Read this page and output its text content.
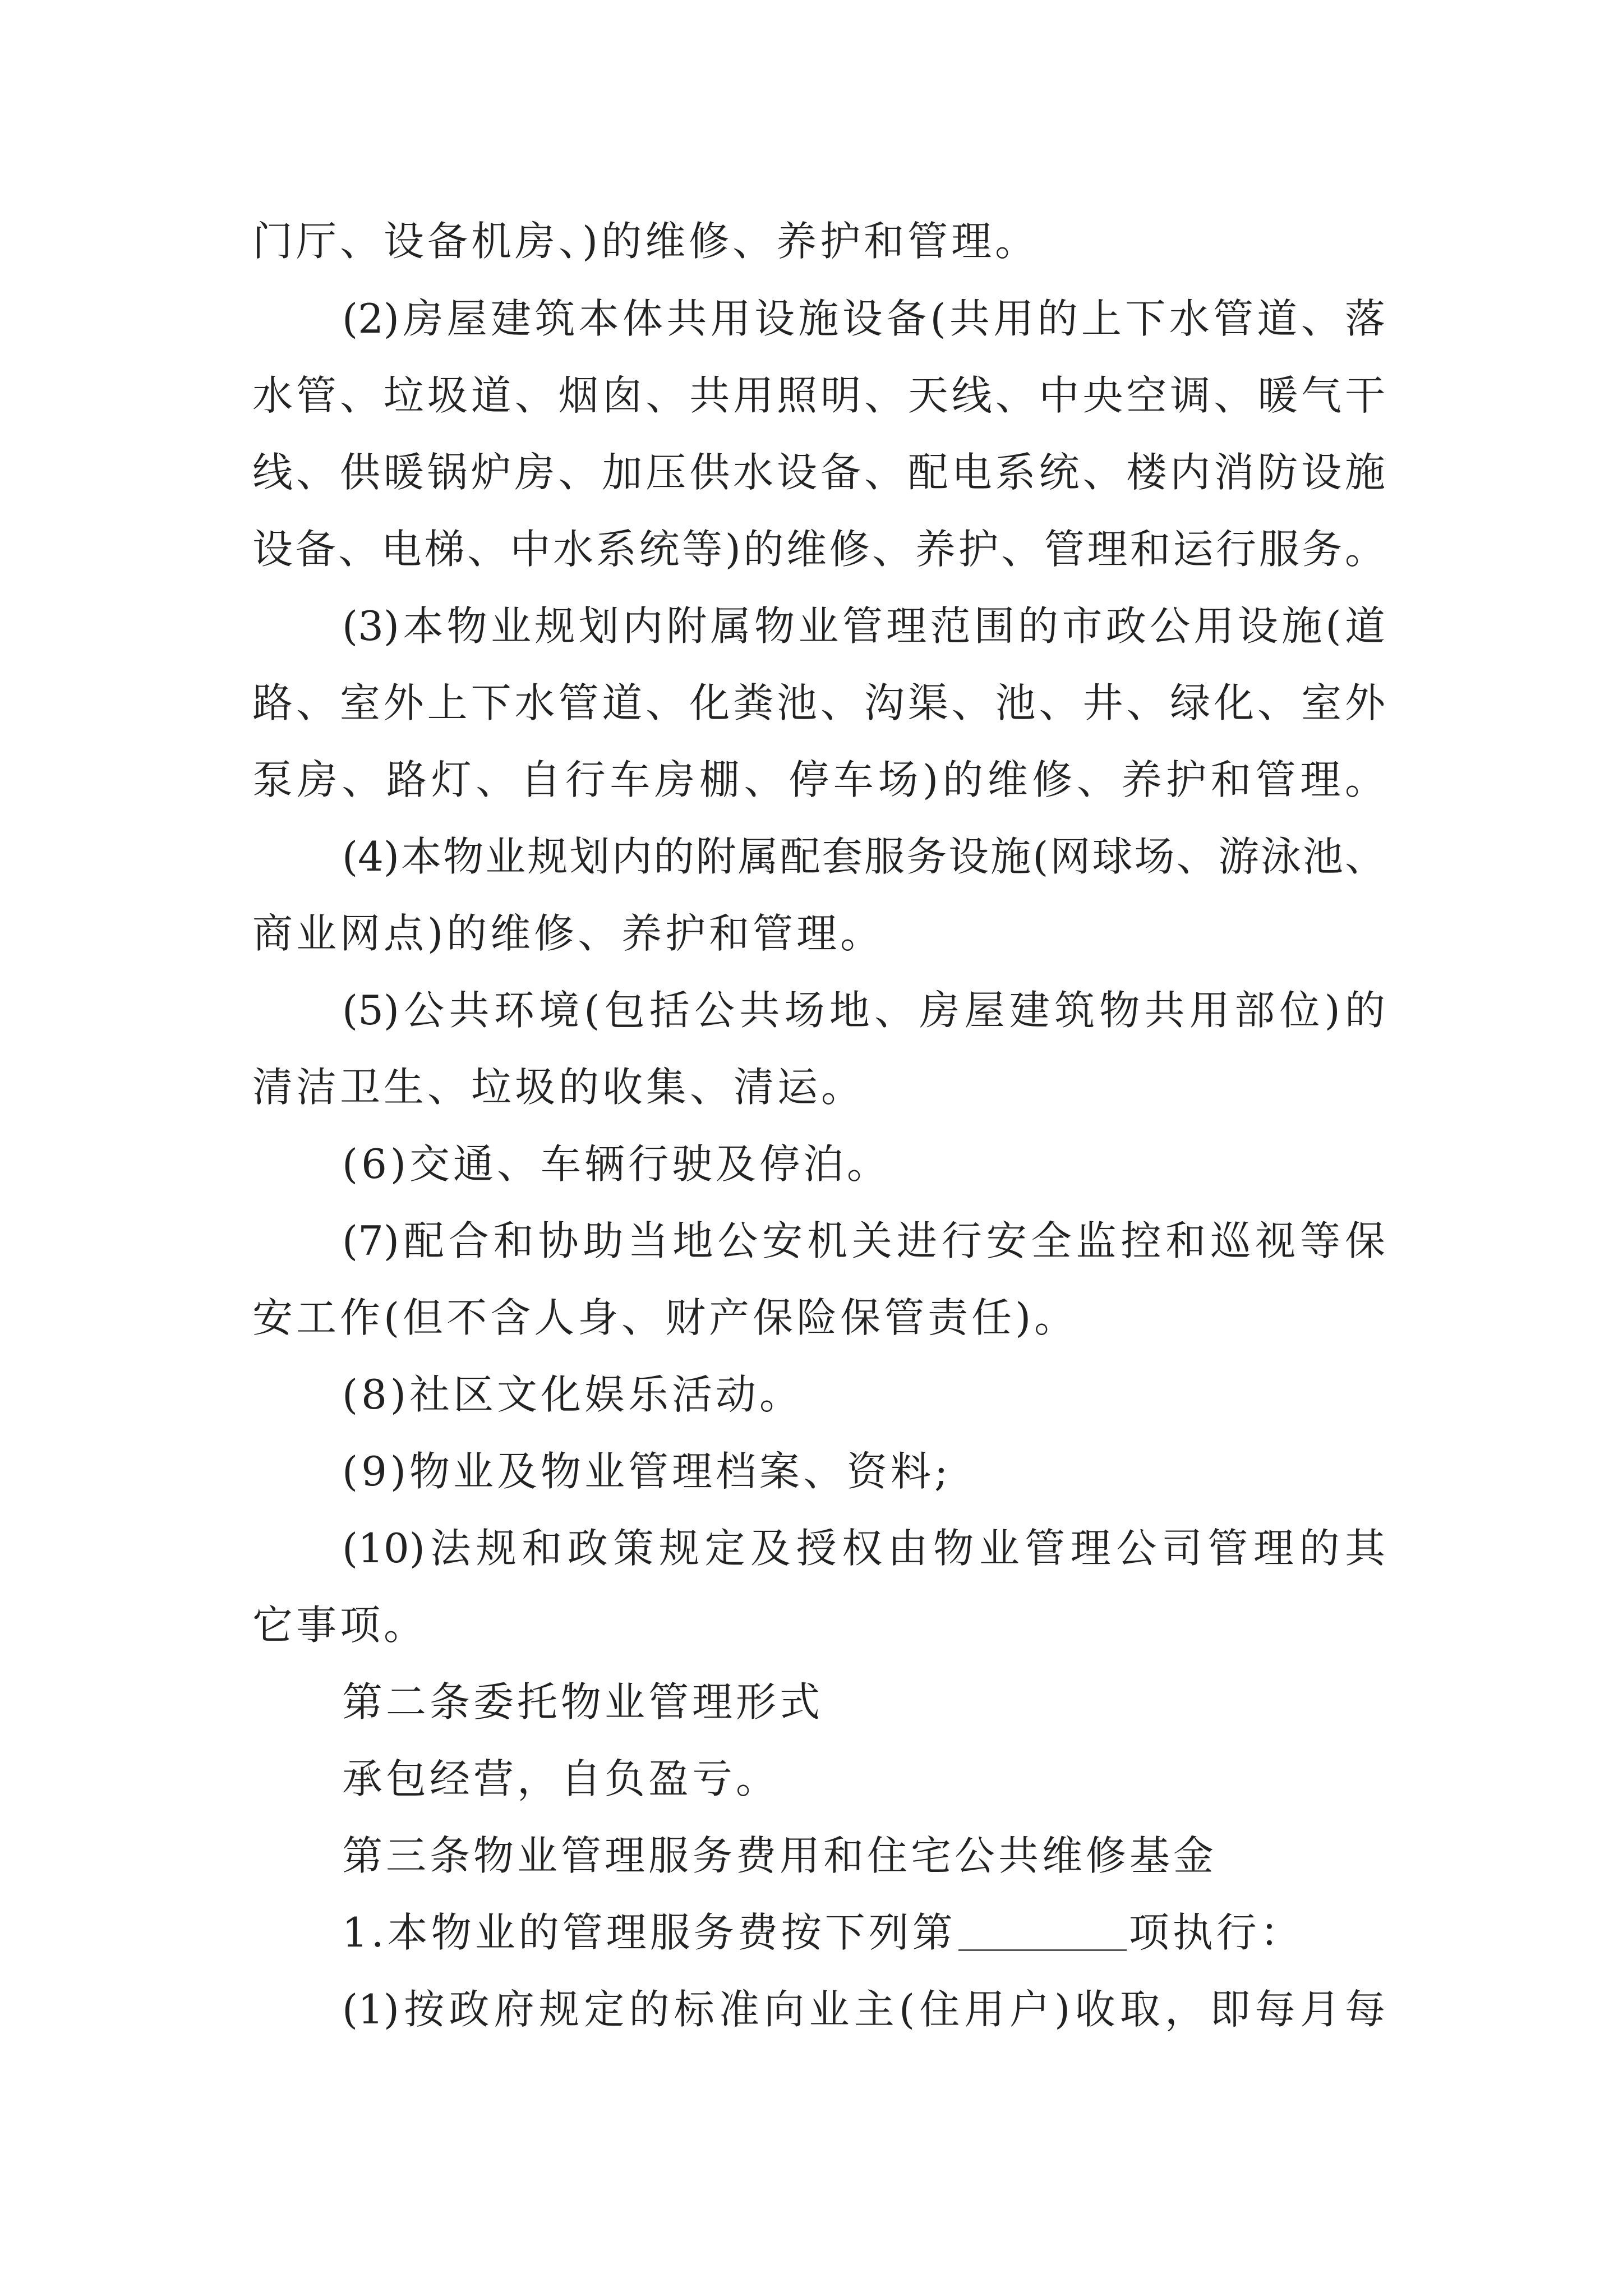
门厅、设备机房、)的维修、养护和管理。
(2)房屋建筑本体共用设施设备(共用的上下水管道、落
水管、垃圾道、烟囱、共用照明、天线、中央空调、暖气干
线、供暖锅炉房、加压供水设备、配电系统、楼内消防设施
设备、电梯、中水系统等)的维修、养护、管理和运行服务。
(3)本物业规划内附属物业管理范围的市政公用设施(道
路、室外上下水管道、化粪池、沟渠、池、井、绿化、室外
泵房、路灯、自行车房棚、停车场)的维修、养护和管理。
(4)本物业规划内的附属配套服务设施(网球场、游泳池、
商业网点)的维修、养护和管理。
(5)公共环境(包括公共场地、房屋建筑物共用部位)的
清洁卫生、垃圾的收集、清运。
(6)交通、车辆行驶及停泊。
(7)配合和协助当地公安机关进行安全监控和巡视等保
安工作(但不含人身、财产保险保管责任)。
(8)社区文化娱乐活动。
(9)物业及物业管理档案、资料;
(10)法规和政策规定及授权由物业管理公司管理的其
它事项。
第二条委托物业管理形式
承包经营，自负盈亏。
第三条物业管理服务费用和住宅公共维修基金
1.本物业的管理服务费按下列第	项执行：
(1)按政府规定的标准向业主(住用户)收取，即每月每
